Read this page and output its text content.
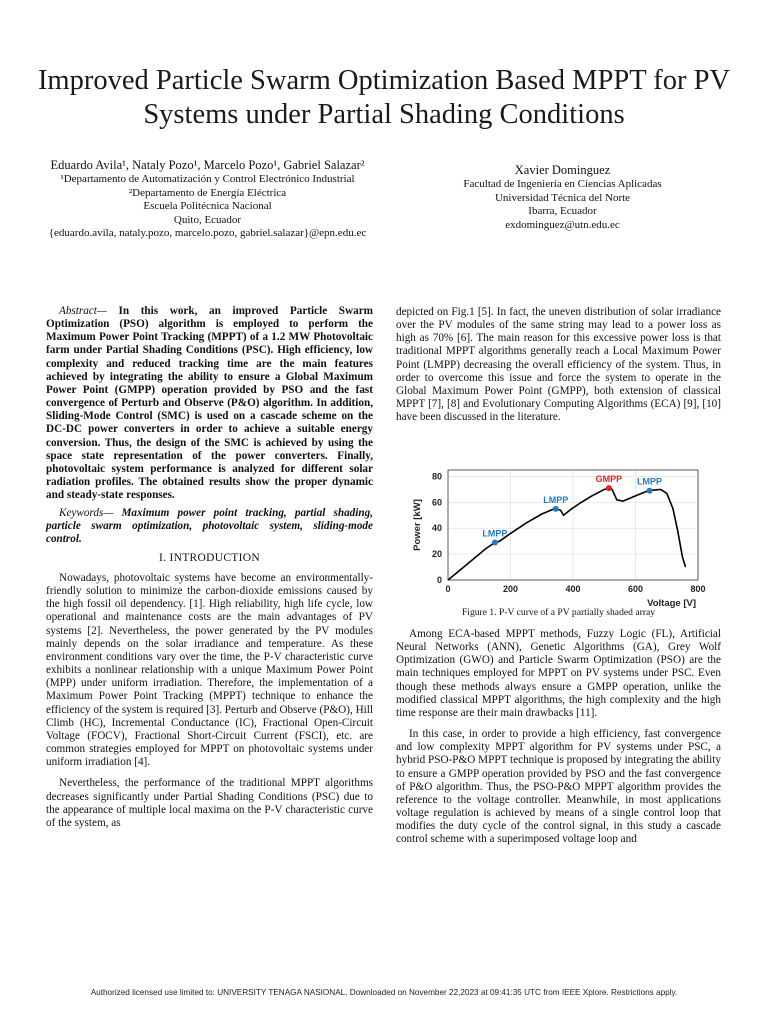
Improved Particle Swarm Optimization Based MPPT for PV Systems under Partial Shading Conditions
Eduardo Avila¹, Nataly Pozo¹, Marcelo Pozo¹, Gabriel Salazar²
¹Departamento de Automatización y Control Electrónico Industrial
²Departamento de Energía Eléctrica
Escuela Politécnica Nacional
Quito, Ecuador
{eduardo.avila, nataly.pozo, marcelo.pozo, gabriel.salazar}@epn.edu.ec
Xavier Dominguez
Facultad de Ingeniería en Ciencias Aplicadas
Universidad Técnica del Norte
Ibarra, Ecuador
exdominguez@utn.edu.ec

Abstract— In this work, an improved Particle Swarm Optimization (PSO) algorithm is employed to perform the Maximum Power Point Tracking (MPPT) of a 1.2 MW Photovoltaic farm under Partial Shading Conditions (PSC). High efficiency, low complexity and reduced tracking time are the main features achieved by integrating the ability to ensure a Global Maximum Power Point (GMPP) operation provided by PSO and the fast convergence of Perturb and Observe (P&O) algorithm. In addition, Sliding-Mode Control (SMC) is used on a cascade scheme on the DC-DC power converters in order to achieve a suitable energy conversion. Thus, the design of the SMC is achieved by using the space state representation of the power converters. Finally, photovoltaic system performance is analyzed for different solar radiation profiles. The obtained results show the proper dynamic and steady-state responses.

Keywords— Maximum power point tracking, partial shading, particle swarm optimization, photovoltaic system, sliding-mode control.

I. INTRODUCTION

Nowadays, photovoltaic systems have become an environmentally-friendly solution to minimize the carbon-dioxide emissions caused by the high fossil oil dependency. [1]. High reliability, high life cycle, low operational and maintenance costs are the main advantages of PV systems [2]. Nevertheless, the power generated by the PV modules mainly depends on the solar irradiance and temperature. As these environment conditions vary over the time, the P-V characteristic curve exhibits a nonlinear relationship with a unique Maximum Power Point (MPP) under uniform irradiation. Therefore, the implementation of a Maximum Power Point Tracking (MPPT) technique to enhance the efficiency of the system is required [3]. Perturb and Observe (P&O), Hill Climb (HC), Incremental Conductance (IC), Fractional Open-Circuit Voltage (FOCV), Fractional Short-Circuit Current (FSCI), etc. are common strategies employed for MPPT on photovoltaic systems under uniform irradiation [4].

Nevertheless, the performance of the traditional MPPT algorithms decreases significantly under Partial Shading Conditions (PSC) due to the appearance of multiple local maxima on the P-V characteristic curve of the system, as

depicted on Fig.1 [5]. In fact, the uneven distribution of solar irradiance over the PV modules of the same string may lead to a power loss as high as 70% [6]. The main reason for this excessive power loss is that traditional MPPT algorithms generally reach a Local Maximum Power Point (LMPP) decreasing the overall efficiency of the system. Thus, in order to overcome this issue and force the system to operate in the Global Maximum Power Point (GMPP), both extension of classical MPPT [7], [8] and Evolutionary Computing Algorithms (ECA) [9], [10] have been discussed in the literature.

0	200	400	600	800
0
20
40
60
80
Voltage [V]
Power [kW]	LMPP
LMPP
GMPP LMPP
Figure 1. P-V curve of a PV partially shaded array

Among ECA-based MPPT methods, Fuzzy Logic (FL), Artificial Neural Networks (ANN), Genetic Algorithms (GA), Grey Wolf Optimization (GWO) and Particle Swarm Optimization (PSO) are the main techniques employed for MPPT on PV systems under PSC. Even though these methods always ensure a GMPP operation, unlike the modified classical MPPT algorithms, the high complexity and the high time response are their main drawbacks [11].

In this case, in order to provide a high efficiency, fast convergence and low complexity MPPT algorithm for PV systems under PSC, a hybrid PSO-P&O MPPT technique is proposed by integrating the ability to ensure a GMPP operation provided by PSO and the fast convergence of P&O algorithm. Thus, the PSO-P&O MPPT algorithm provides the reference to the voltage controller. Meanwhile, in most applications voltage regulation is achieved by means of a single control loop that modifies the duty cycle of the control signal, in this study a cascade control scheme with a superimposed voltage loop and

Authorized licensed use limited to: UNIVERSITY TENAGA NASIONAL. Downloaded on November 22,2023 at 09:41:35 UTC from IEEE Xplore. Restrictions apply.
